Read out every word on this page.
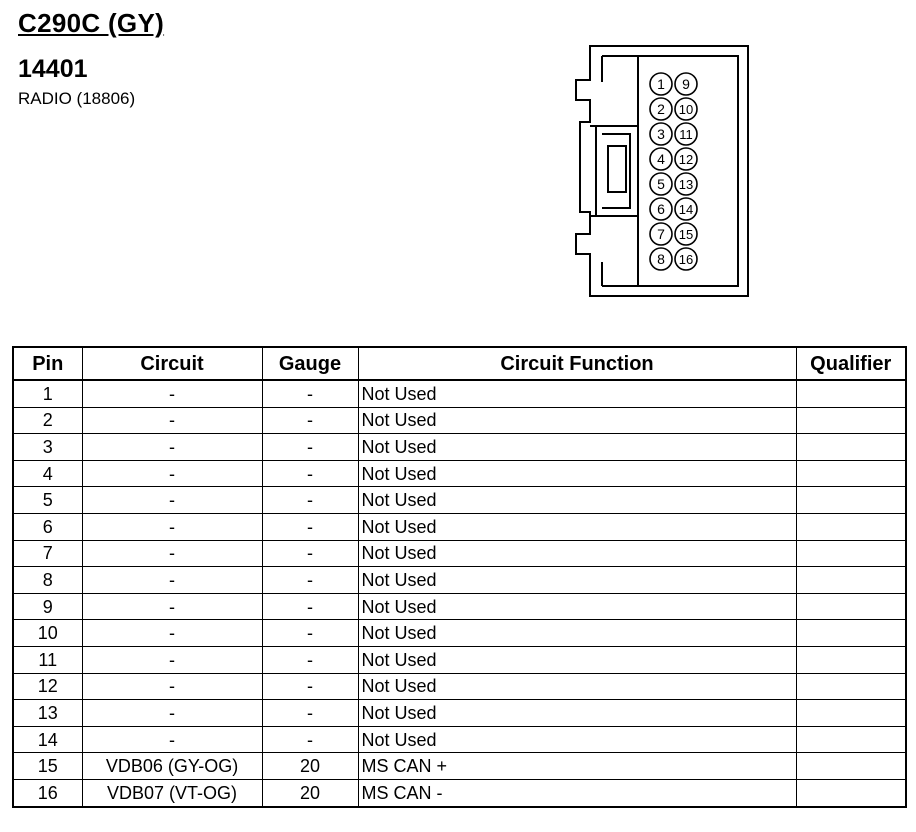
C290C (GY)
14401
RADIO (18806)
1
2
3
4
5
6
7
8
9
10
11
12
13
14
15
16
Pin	Circuit	Gauge	Circuit Function	Qualifier
1	-	-	Not Used	
2	-	-	Not Used	
3	-	-	Not Used	
4	-	-	Not Used	
5	-	-	Not Used	
6	-	-	Not Used	
7	-	-	Not Used	
8	-	-	Not Used	
9	-	-	Not Used	
10	-	-	Not Used	
11	-	-	Not Used	
12	-	-	Not Used	
13	-	-	Not Used	
14	-	-	Not Used	
15	VDB06 (GY-OG)	20	MS CAN +	
16	VDB07 (VT-OG)	20	MS CAN -	
